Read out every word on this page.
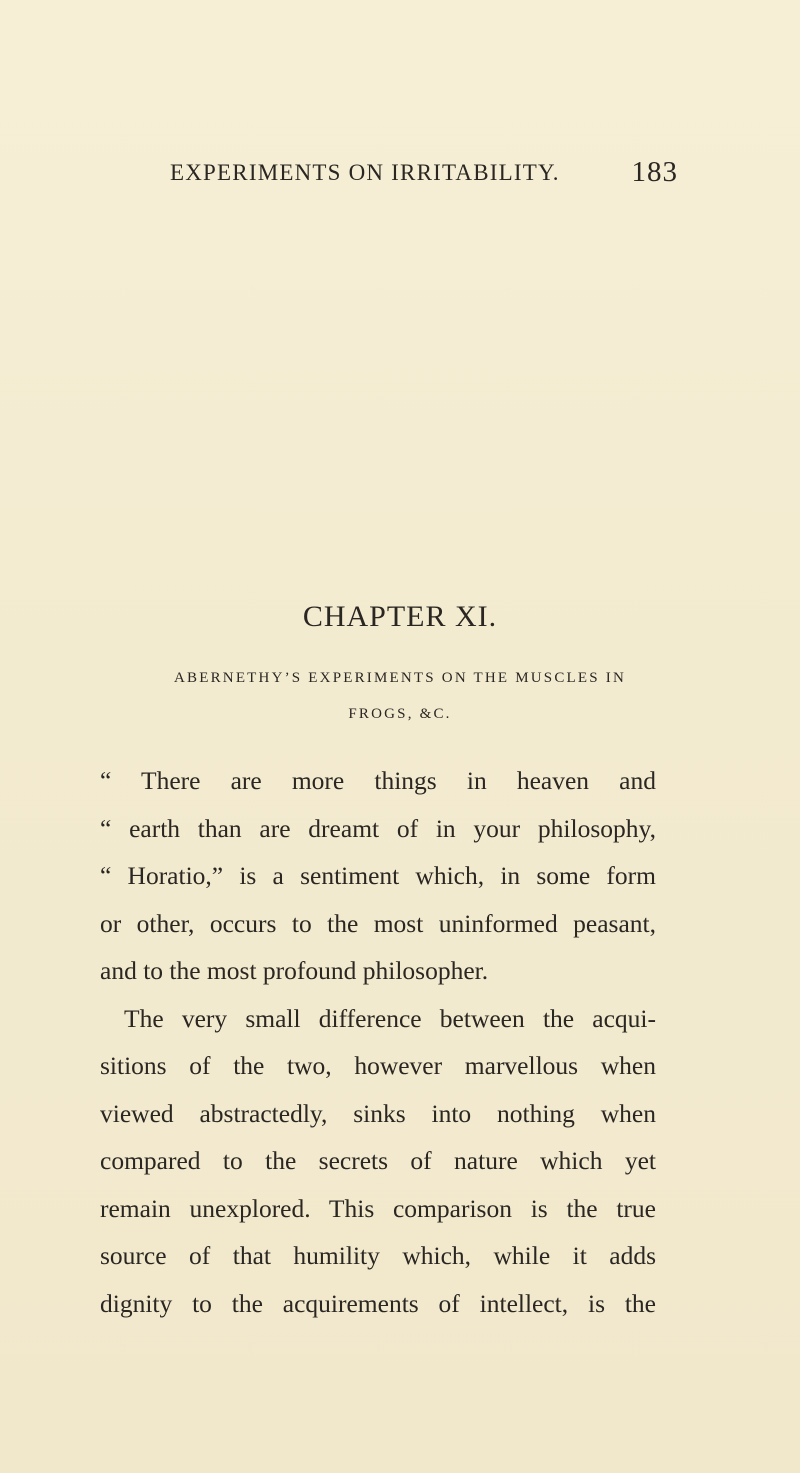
EXPERIMENTS ON IRRITABILITY. 183
CHAPTER XI.
ABERNETHY’S EXPERIMENTS ON THE MUSCLES IN
FROGS, &C.
“ There are more things in heaven and
“ earth than are dreamt of in your philosophy,
“ Horatio,” is a sentiment which, in some form
or other, occurs to the most uninformed peasant,
and to the most profound philosopher.
The very small difference between the acqui-
sitions of the two, however marvellous when
viewed abstractedly, sinks into nothing when
compared to the secrets of nature which yet
remain unexplored. This comparison is the true
source of that humility which, while it adds
dignity to the acquirements of intellect, is the
